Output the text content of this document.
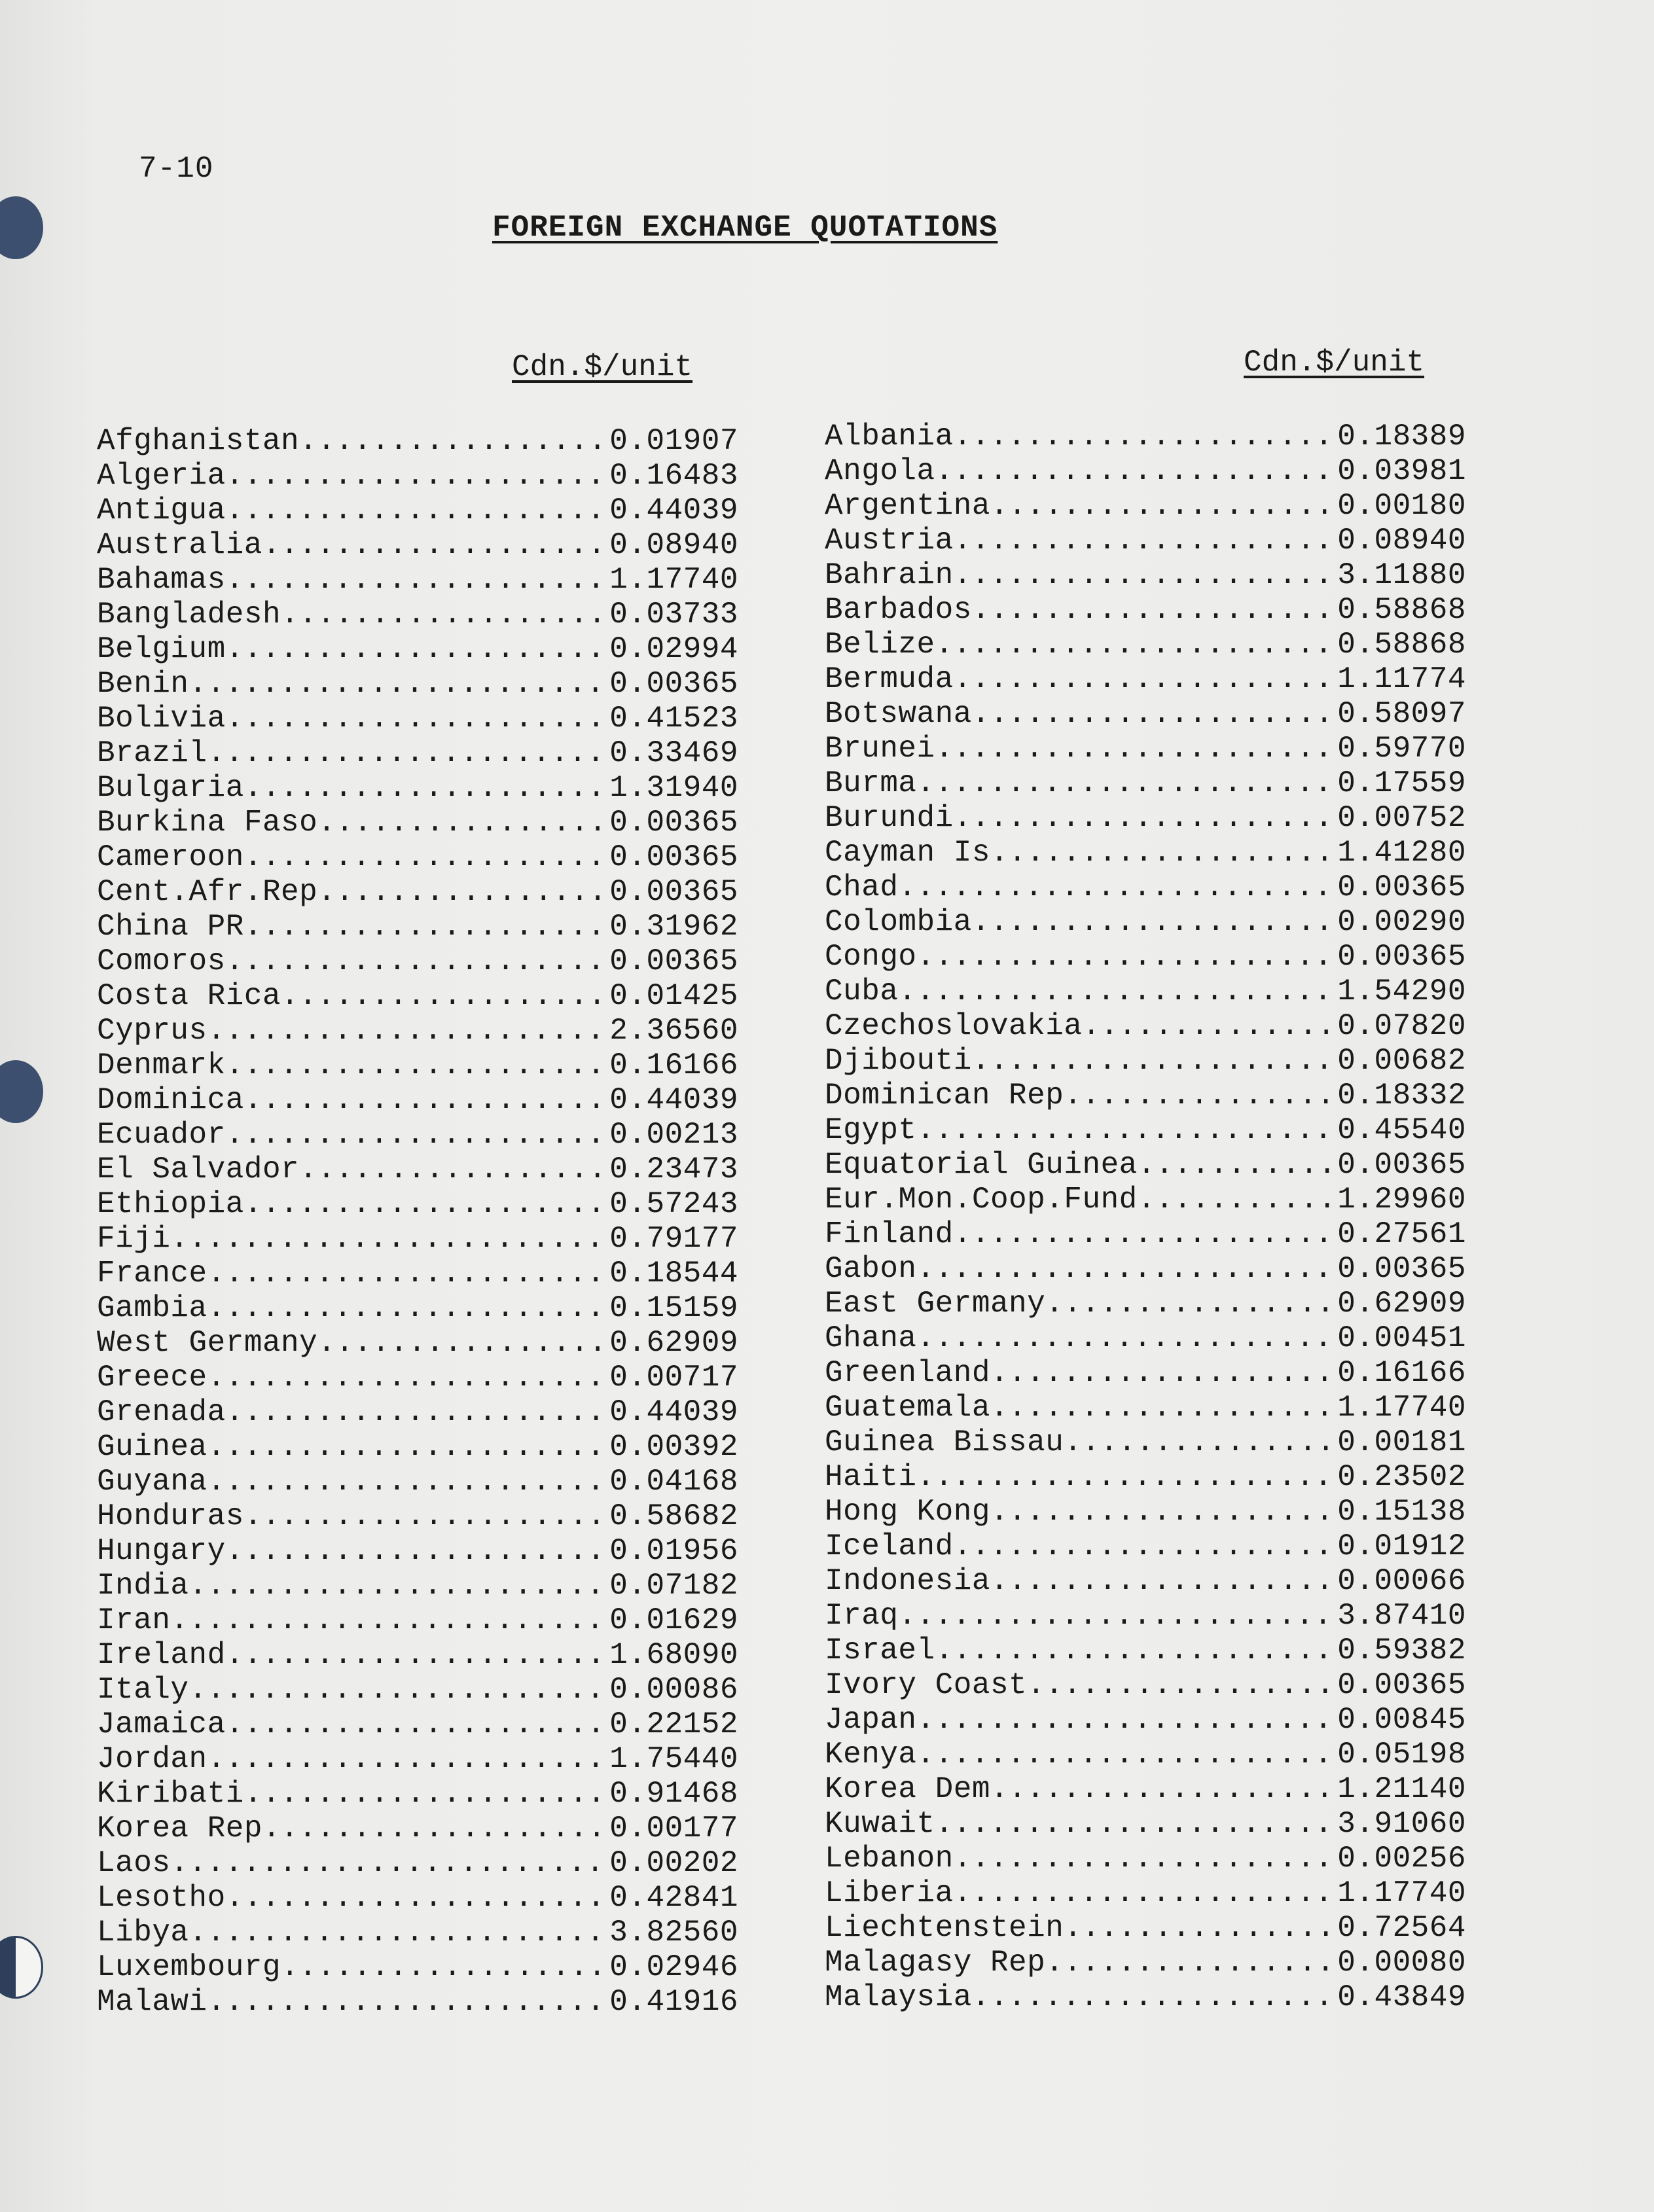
7-10
FOREIGN EXCHANGE QUOTATIONS
Cdn.$/unit	Cdn.$/unit
Afghanistan .....	0.01907
Algeria .....	0.16483
Antigua .....	0.44039
Australia .....	0.08940
Bahamas .....	1.17740
Bangladesh .....	0.03733
Belgium .....	0.02994
Benin .....	0.00365
Bolivia .....	0.41523
Brazil .....	0.33469
Bulgaria .....	1.31940
Burkina Faso .....	0.00365
Cameroon .....	0.00365
Cent.Afr.Rep .....	0.00365
China PR .....	0.31962
Comoros .....	0.00365
Costa Rica .....	0.01425
Cyprus .....	2.36560
Denmark .....	0.16166
Dominica .....	0.44039
Ecuador .....	0.00213
El Salvador .....	0.23473
Ethiopia .....	0.57243
Fiji .....	0.79177
France .....	0.18544
Gambia .....	0.15159
West Germany .....	0.62909
Greece .....	0.00717
Grenada .....	0.44039
Guinea .....	0.00392
Guyana .....	0.04168
Honduras .....	0.58682
Hungary .....	0.01956
India .....	0.07182
Iran .....	0.01629
Ireland .....	1.68090
Italy .....	0.00086
Jamaica .....	0.22152
Jordan .....	1.75440
Kiribati .....	0.91468
Korea Rep .....	0.00177
Laos .....	0.00202
Lesotho .....	0.42841
Libya .....	3.82560
Luxembourg .....	0.02946
Malawi .....	0.41916
Albania .....	0.18389
Angola .....	0.03981
Argentina .....	0.00180
Austria .....	0.08940
Bahrain .....	3.11880
Barbados .....	0.58868
Belize .....	0.58868
Bermuda .....	1.11774
Botswana .....	0.58097
Brunei .....	0.59770
Burma .....	0.17559
Burundi .....	0.00752
Cayman Is .....	1.41280
Chad .....	0.00365
Colombia .....	0.00290
Congo .....	0.00365
Cuba .....	1.54290
Czechoslovakia .....	0.07820
Djibouti .....	0.00682
Dominican Rep .....	0.18332
Egypt .....	0.45540
Equatorial Guinea .....	0.00365
Eur.Mon.Coop.Fund .....	1.29960
Finland .....	0.27561
Gabon .....	0.00365
East Germany .....	0.62909
Ghana .....	0.00451
Greenland .....	0.16166
Guatemala .....	1.17740
Guinea Bissau .....	0.00181
Haiti .....	0.23502
Hong Kong .....	0.15138
Iceland .....	0.01912
Indonesia .....	0.00066
Iraq .....	3.87410
Israel .....	0.59382
Ivory Coast .....	0.00365
Japan .....	0.00845
Kenya .....	0.05198
Korea Dem .....	1.21140
Kuwait .....	3.91060
Lebanon .....	0.00256
Liberia .....	1.17740
Liechtenstein .....	0.72564
Malagasy Rep .....	0.00080
Malaysia .....	0.43849
